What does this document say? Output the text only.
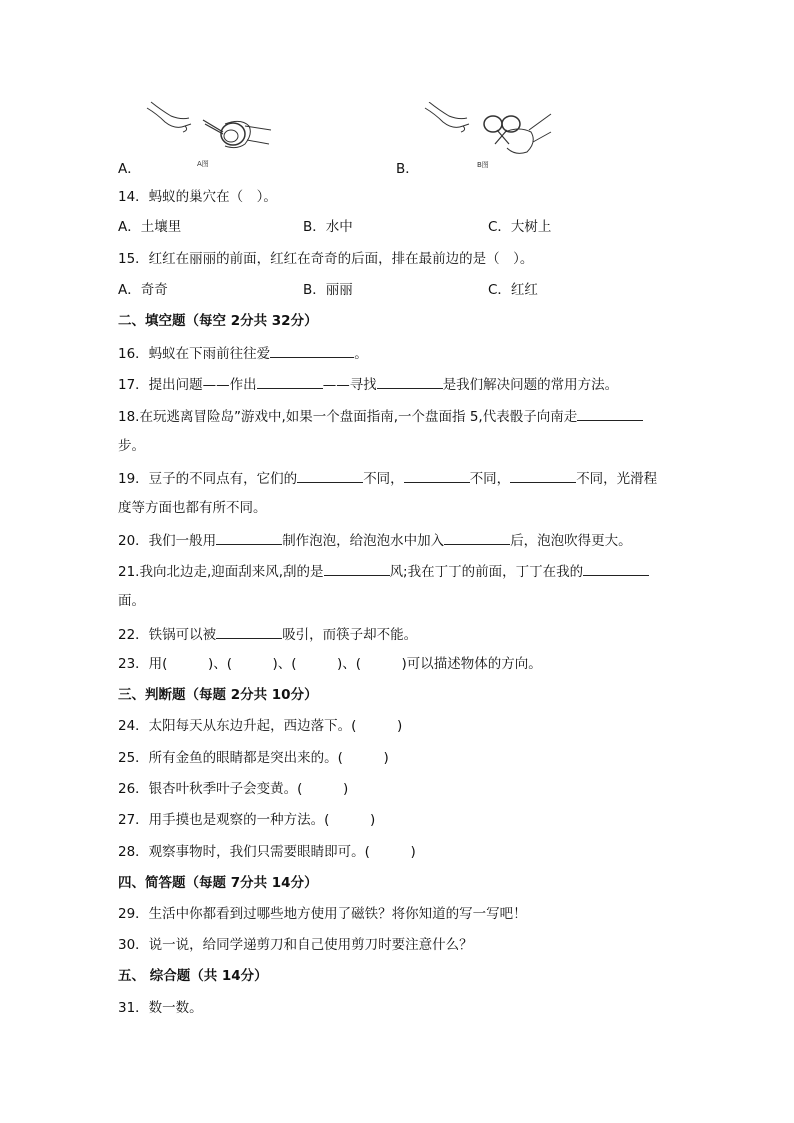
A图
A．	B图
B．
14．蚂蚁的巢穴在（　）。
A．土壤里	B．水中	C．大树上
15．红红在丽丽的前面，红红在奇奇的后面，排在最前边的是（　）。
A．奇奇	B．丽丽	C．红红
二、填空题（每空 2分共 32分）
16．蚂蚁在下雨前往往爱	。
17．提出问题——作出	——寻找	是我们解决问题的常用方法。
18.在玩逃离冒险岛”游戏中,如果一个盘面指南,一个盘面指 5,代表骰子向南走
步。
19．豆子的不同点有，它们的	不同，	不同，	不同，光滑程
度等方面也都有所不同。
20．我们一般用	制作泡泡，给泡泡水中加入	后，泡泡吹得更大。
21.我向北边走,迎面刮来风,刮的是	风;我在丁丁的前面，丁丁在我的
面。
22．铁锅可以被	吸引，而筷子却不能。
23．用(　　　)、(　　　)、(　　　)、(　　　)可以描述物体的方向。
三、判断题（每题 2分共 10分）
24．太阳每天从东边升起，西边落下。(　　　)
25．所有金鱼的眼睛都是突出来的。(　　　)
26．银杏叶秋季叶子会变黄。(　　　)
27．用手摸也是观察的一种方法。(　　　)
28．观察事物时，我们只需要眼睛即可。(　　　)
四、简答题（每题 7分共 14分）
29．生活中你都看到过哪些地方使用了磁铁？将你知道的写一写吧！
30．说一说，给同学递剪刀和自己使用剪刀时要注意什么？
五、 综合题（共 14分）
31．数一数。
